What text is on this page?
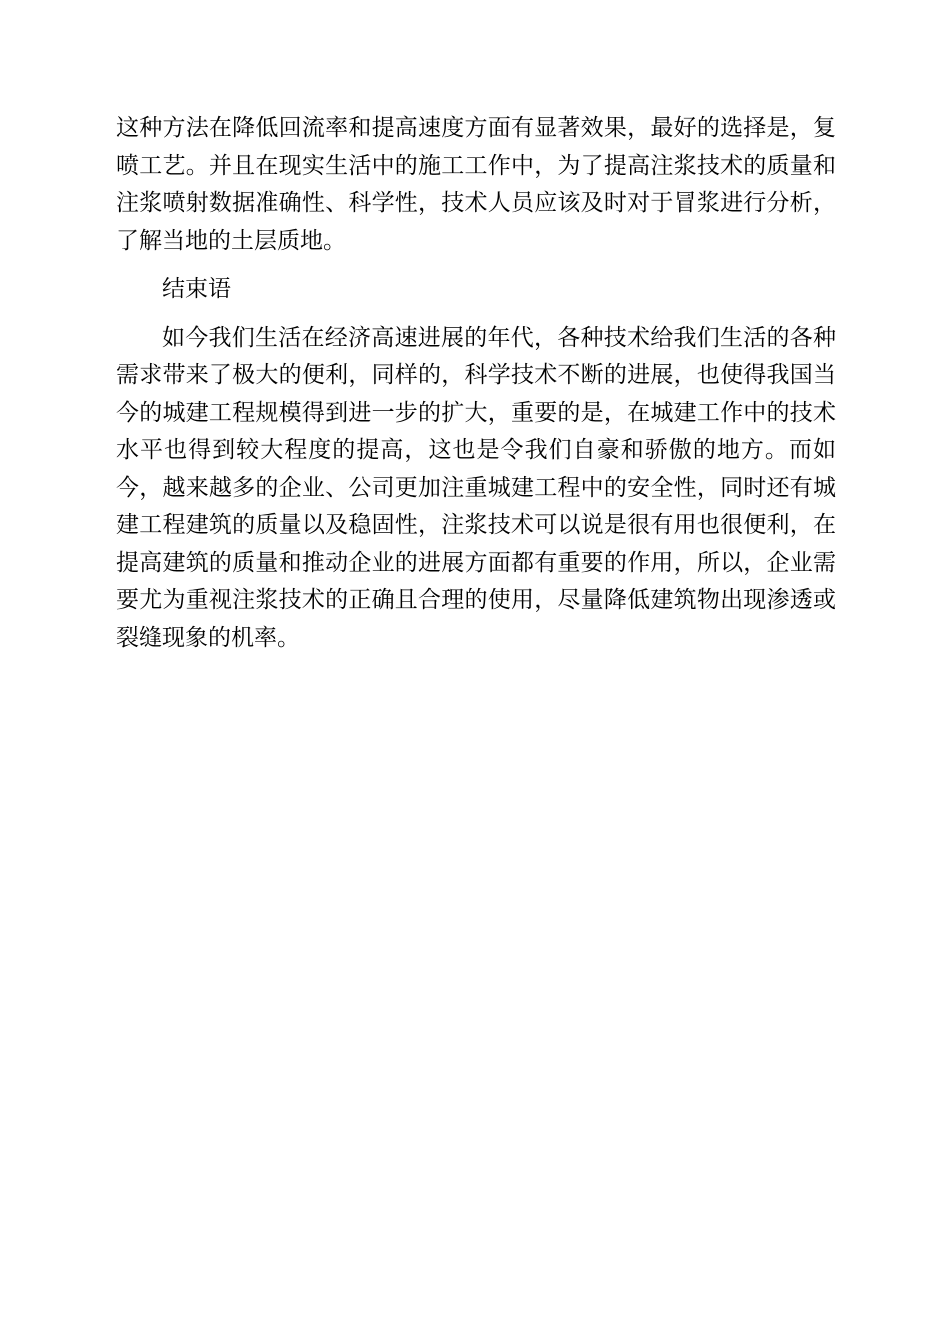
这种方法在降低回流率和提高速度方面有显著效果，最好的选择是，复喷工艺。并且在现实生活中的施工工作中，为了提高注浆技术的质量和注浆喷射数据准确性、科学性，技术人员应该及时对于冒浆进行分析，了解当地的土层质地。

结束语

如今我们生活在经济高速进展的年代，各种技术给我们生活的各种需求带来了极大的便利，同样的，科学技术不断的进展，也使得我国当今的城建工程规模得到进一步的扩大，重要的是，在城建工作中的技术水平也得到较大程度的提高，这也是令我们自豪和骄傲的地方。而如今，越来越多的企业、公司更加注重城建工程中的安全性，同时还有城建工程建筑的质量以及稳固性，注浆技术可以说是很有用也很便利，在提高建筑的质量和推动企业的进展方面都有重要的作用，所以，企业需要尤为重视注浆技术的正确且合理的使用，尽量降低建筑物出现渗透或裂缝现象的机率。
